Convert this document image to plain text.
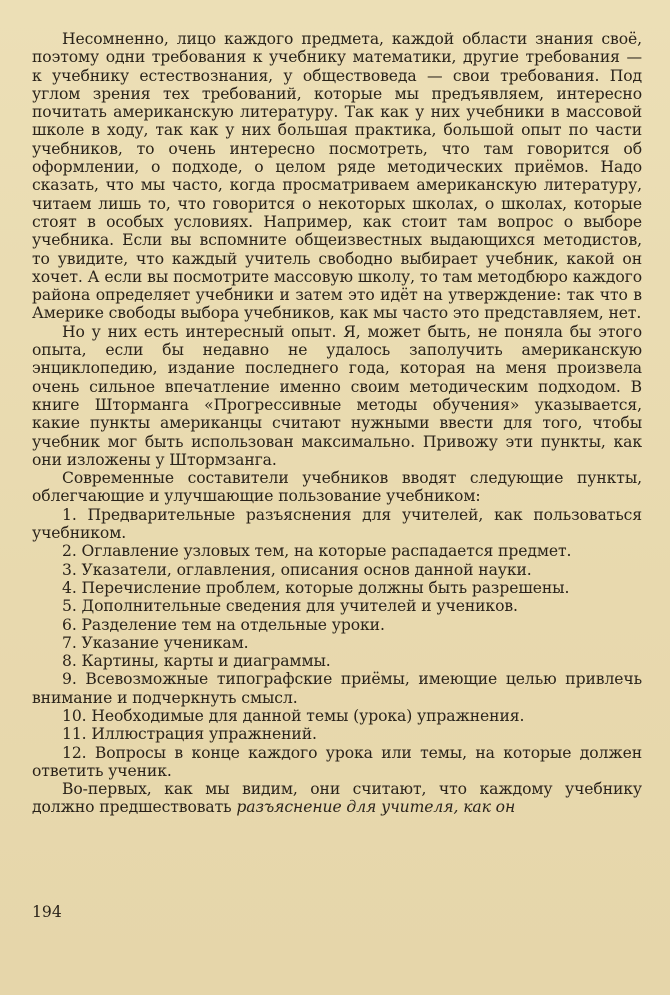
Несомненно, лицо каждого предмета, каждой области знания своё, поэтому одни требования к учебнику математики, другие требования — к учебнику естествознания, у обществоведа — свои требования. Под углом зрения тех требований, которые мы предъявляем, интересно почитать американскую литературу. Так как у них учебники в массовой школе в ходу, так как у них большая практика, большой опыт по части учебников, то очень интересно посмотреть, что там говорится об оформлении, о подходе, о целом ряде методических приёмов. Надо сказать, что мы часто, когда просматриваем американскую литературу, читаем лишь то, что говорится о некоторых школах, о школах, которые стоят в особых условиях. Например, как стоит там вопрос о выборе учебника. Если вы вспомните общеизвестных выдающихся методистов, то увидите, что каждый учитель свободно выбирает учебник, какой он хочет. А если вы посмотрите массовую школу, то там методбюро каждого района определяет учебники и затем это идёт на утверждение: так что в Америке свободы выбора учебников, как мы часто это представляем, нет.

Но у них есть интересный опыт. Я, может быть, не поняла бы этого опыта, если бы недавно не удалось заполучить американскую энциклопедию, издание последнего года, которая на меня произвела очень сильное впечатление именно своим методическим подходом. В книге Шторманга «Прогрессивные методы обучения» указывается, какие пункты американцы считают нужными ввести для того, чтобы учебник мог быть использован максимально. Привожу эти пункты, как они изложены у Штормзанга.

Современные составители учебников вводят следующие пункты, облегчающие и улучшающие пользование учебником:

1. Предварительные разъяснения для учителей, как пользоваться учебником.

2. Оглавление узловых тем, на которые распадается предмет.

3. Указатели, оглавления, описания основ данной науки.

4. Перечисление проблем, которые должны быть разрешены.

5. Дополнительные сведения для учителей и учеников.

6. Разделение тем на отдельные уроки.

7. Указание ученикам.

8. Картины, карты и диаграммы.

9. Всевозможные типографские приёмы, имеющие целью привлечь внимание и подчеркнуть смысл.

10. Необходимые для данной темы (урока) упражнения.

11. Иллюстрация упражнений.

12. Вопросы в конце каждого урока или темы, на которые должен ответить ученик.

Во-первых, как мы видим, они считают, что каждому учебнику должно предшествовать разъяснение для учителя, как он

194
